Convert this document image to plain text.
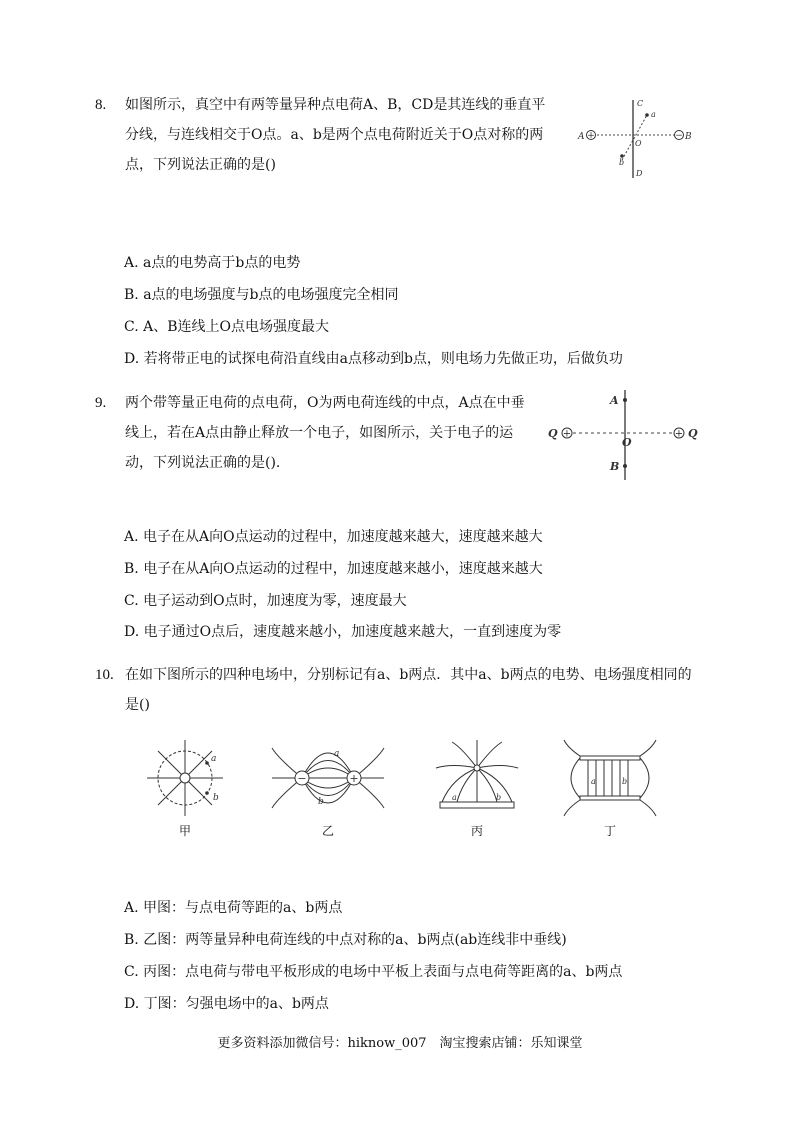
8. 如图所示，真空中有两等量异种点电荷A、B，CD是其连线的垂直平
分线，与连线相交于O点。a、b是两个点电荷附近关于O点对称的两
点，下列说法正确的是()
+	−
A	B
C
D
O
a
b
A. a点的电势高于b点的电势
B. a点的电场强度与b点的电场强度完全相同
C. A、B连线上O点电场强度最大
D. 若将带正电的试探电荷沿直线由a点移动到b点，则电场力先做正功，后做负功
9. 两个带等量正电荷的点电荷，O为两电荷连线的中点，A点在中垂
线上，若在A点由静止释放一个电子，如图所示，关于电子的运
动，下列说法正确的是().
+	+
A
B
O
Q	Q
A. 电子在从A向O点运动的过程中，加速度越来越大，速度越来越大
B. 电子在从A向O点运动的过程中，加速度越来越小，速度越来越大
C. 电子运动到O点时，加速度为零，速度最大
D. 电子通过O点后，速度越来越小，加速度越来越大，一直到速度为零
10. 在如下图所示的四种电场中，分别标记有a、b两点．其中a、b两点的电势、电场强度相同的
是()
a
b
甲
−	+
a
b
乙
a	b
丙
a	b
丁
A. 甲图：与点电荷等距的a、b两点
B. 乙图：两等量异种电荷连线的中点对称的a、b两点(ab连线非中垂线)
C. 丙图：点电荷与带电平板形成的电场中平板上表面与点电荷等距离的a、b两点
D. 丁图：匀强电场中的a、b两点
更多资料添加微信号：hiknow_007　淘宝搜索店铺：乐知课堂
